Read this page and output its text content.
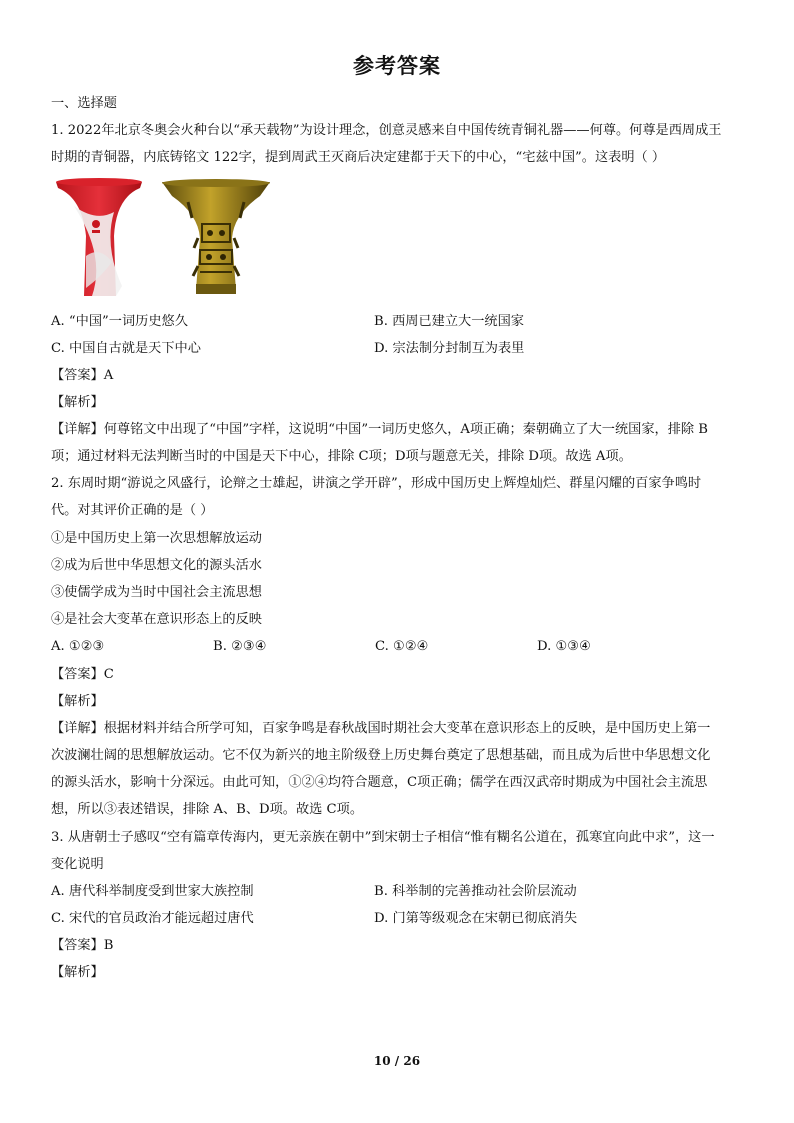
参考答案
一、选择题
1. 2022年北京冬奥会火种台以“承天载物”为设计理念，创意灵感来自中国传统青铜礼器——何尊。何尊是西周成王
时期的青铜器，内底铸铭文 122字，提到周武王灭商后决定建都于天下的中心，“宅兹中国”。这表明（ ）
A. “中国”一词历史悠久	B. 西周已建立大一统国家
C. 中国自古就是天下中心	D. 宗法制分封制互为表里
【答案】A
【解析】
【详解】何尊铭文中出现了“中国”字样，这说明“中国”一词历史悠久，A项正确；秦朝确立了大一统国家，排除 B
项；通过材料无法判断当时的中国是天下中心，排除 C项；D项与题意无关，排除 D项。故选 A项。
2. 东周时期“游说之风盛行，论辩之士雄起，讲演之学开辟”，形成中国历史上辉煌灿烂、群星闪耀的百家争鸣时
代。对其评价正确的是（ ）
①是中国历史上第一次思想解放运动
②成为后世中华思想文化的源头活水
③使儒学成为当时中国社会主流思想
④是社会大变革在意识形态上的反映
A. ①②③	B. ②③④	C. ①②④	D. ①③④
【答案】C
【解析】
【详解】根据材料并结合所学可知，百家争鸣是春秋战国时期社会大变革在意识形态上的反映，是中国历史上第一
次波澜壮阔的思想解放运动。它不仅为新兴的地主阶级登上历史舞台奠定了思想基础，而且成为后世中华思想文化
的源头活水，影响十分深远。由此可知，①②④均符合题意，C项正确；儒学在西汉武帝时期成为中国社会主流思
想，所以③表述错误，排除 A、B、D项。故选 C项。
3. 从唐朝士子感叹“空有篇章传海内，更无亲族在朝中”到宋朝士子相信“惟有糊名公道在，孤寒宜向此中求”，这一
变化说明
A. 唐代科举制度受到世家大族控制	B. 科举制的完善推动社会阶层流动
C. 宋代的官员政治才能远超过唐代	D. 门第等级观念在宋朝已彻底消失
【答案】B
【解析】
10 / 26
